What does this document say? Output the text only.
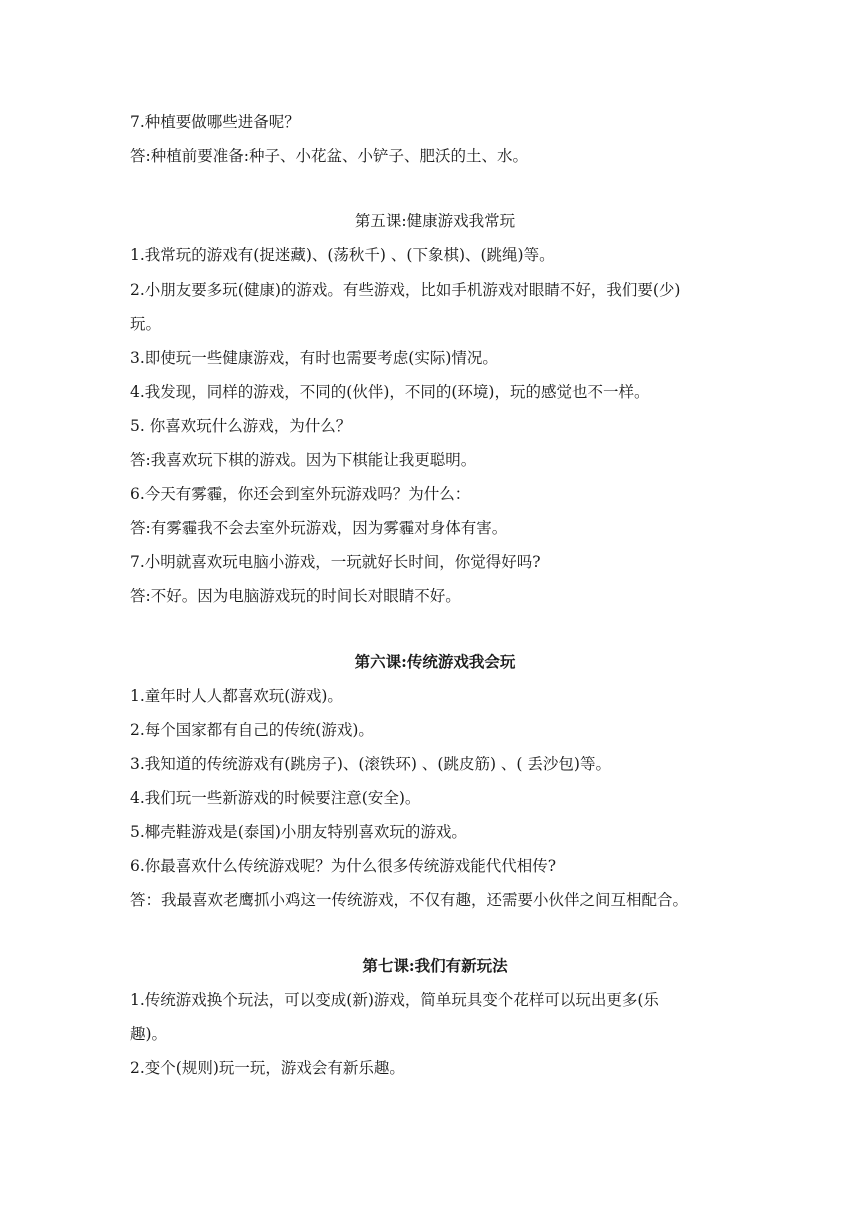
7.种植要做哪些进备呢？
答:种植前要准备:种子、小花盆、小铲子、肥沃的土、水。
第五课:健康游戏我常玩
1.我常玩的游戏有(捉迷藏)、(荡秋千) 、(下象棋)、(跳绳)等。
2.小朋友要多玩(健康)的游戏。有些游戏，比如手机游戏对眼睛不好，我们要(少)
玩。
3.即使玩一些健康游戏，有时也需要考虑(实际)情况。
4.我发现，同样的游戏，不同的(伙伴)，不同的(环境)，玩的感觉也不一样。
5. 你喜欢玩什么游戏，为什么？
答:我喜欢玩下棋的游戏。因为下棋能让我更聪明。
6.今天有雾霾，你还会到室外玩游戏吗？为什么：
答:有雾霾我不会去室外玩游戏，因为雾霾对身体有害。
7.小明就喜欢玩电脑小游戏，一玩就好长时间，你觉得好吗?
答:不好。因为电脑游戏玩的时间长对眼睛不好。
第六课:传统游戏我会玩
1.童年时人人都喜欢玩(游戏)。
2.每个国家都有自己的传统(游戏)。
3.我知道的传统游戏有(跳房子)、(滚铁环) 、(跳皮筋) 、( 丢沙包)等。
4.我们玩一些新游戏的时候要注意(安全)。
5.椰壳鞋游戏是(泰国)小朋友特别喜欢玩的游戏。
6.你最喜欢什么传统游戏呢？为什么很多传统游戏能代代相传?
答：我最喜欢老鹰抓小鸡这一传统游戏，不仅有趣，还需要小伙伴之间互相配合。
第七课:我们有新玩法
1.传统游戏换个玩法，可以变成(新)游戏，简单玩具变个花样可以玩出更多(乐
趣)。
2.变个(规则)玩一玩，游戏会有新乐趣。
